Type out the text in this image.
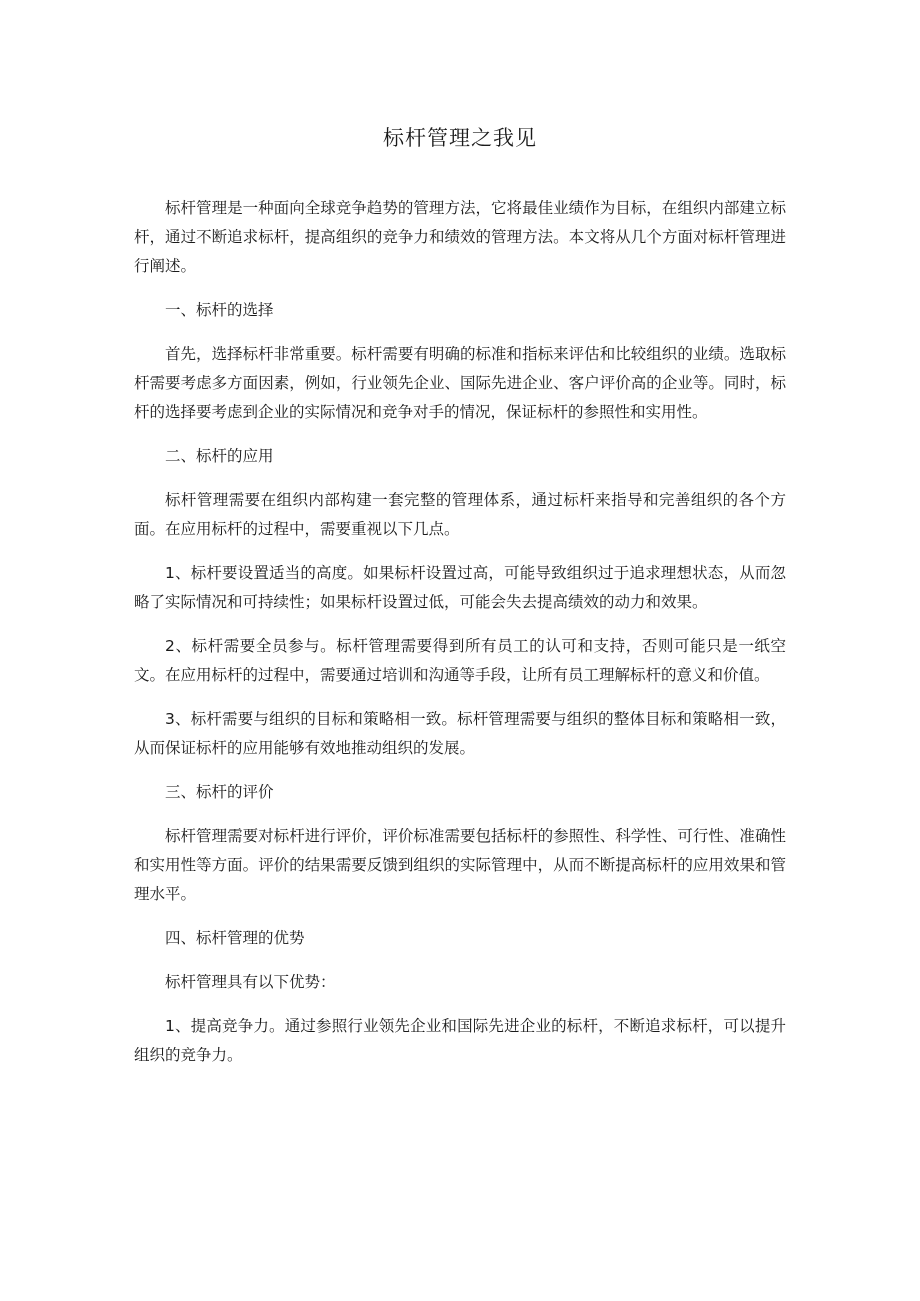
标杆管理之我见

标杆管理是一种面向全球竞争趋势的管理方法，它将最佳业绩作为目标，在组织内部建立标杆，通过不断追求标杆，提高组织的竞争力和绩效的管理方法。本文将从几个方面对标杆管理进行阐述。

一、标杆的选择

首先，选择标杆非常重要。标杆需要有明确的标准和指标来评估和比较组织的业绩。选取标杆需要考虑多方面因素，例如，行业领先企业、国际先进企业、客户评价高的企业等。同时，标杆的选择要考虑到企业的实际情况和竞争对手的情况，保证标杆的参照性和实用性。

二、标杆的应用

标杆管理需要在组织内部构建一套完整的管理体系，通过标杆来指导和完善组织的各个方面。在应用标杆的过程中，需要重视以下几点。

1、标杆要设置适当的高度。如果标杆设置过高，可能导致组织过于追求理想状态，从而忽略了实际情况和可持续性；如果标杆设置过低，可能会失去提高绩效的动力和效果。

2、标杆需要全员参与。标杆管理需要得到所有员工的认可和支持，否则可能只是一纸空文。在应用标杆的过程中，需要通过培训和沟通等手段，让所有员工理解标杆的意义和价值。

3、标杆需要与组织的目标和策略相一致。标杆管理需要与组织的整体目标和策略相一致，从而保证标杆的应用能够有效地推动组织的发展。

三、标杆的评价

标杆管理需要对标杆进行评价，评价标准需要包括标杆的参照性、科学性、可行性、准确性和实用性等方面。评价的结果需要反馈到组织的实际管理中，从而不断提高标杆的应用效果和管理水平。

四、标杆管理的优势

标杆管理具有以下优势：

1、提高竞争力。通过参照行业领先企业和国际先进企业的标杆，不断追求标杆，可以提升组织的竞争力。
